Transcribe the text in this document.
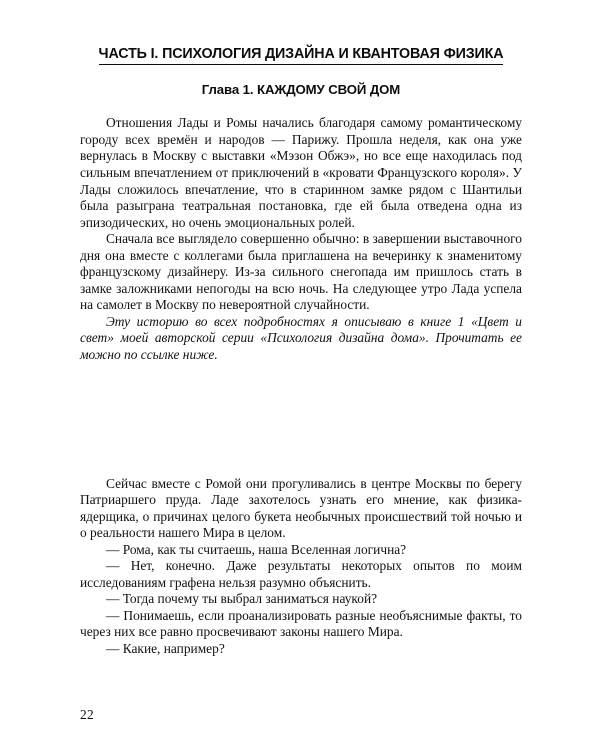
ЧАСТЬ I. ПСИХОЛОГИЯ ДИЗАЙНА И КВАНТОВАЯ ФИЗИКА
Глава 1. КАЖДОМУ СВОЙ ДОМ

Отношения Лады и Ромы начались благодаря самому романтическому городу всех времён и народов — Парижу. Прошла неделя, как она уже вернулась в Москву с выставки «Мэзон Обжэ», но все еще находилась под сильным впечатлением от приключений в «кровати Французского короля». У Лады сложилось впечатление, что в старинном замке рядом с Шантильи была разыграна театральная постановка, где ей была отведена одна из эпизодических, но очень эмоциональных ролей.

Сначала все выглядело совершенно обычно: в завершении выставочного дня она вместе с коллегами была приглашена на вечеринку к знаменитому французскому дизайнеру. Из-за сильного снегопада им пришлось стать в замке заложниками непогоды на всю ночь. На следующее утро Лада успела на самолет в Москву по невероятной случайности.

Эту историю во всех подробностях я описываю в книге 1 «Цвет и свет» моей авторской серии «Психология дизайна дома». Прочитать ее можно по ссылке ниже.

Сейчас вместе с Ромой они прогуливались в центре Москвы по берегу Патриаршего пруда. Ладе захотелось узнать его мнение, как физика-ядерщика, о причинах целого букета необычных происшествий той ночью и о реальности нашего Мира в целом.

— Рома, как ты считаешь, наша Вселенная логична?

— Нет, конечно. Даже результаты некоторых опытов по моим исследованиям графена нельзя разумно объяснить.

— Тогда почему ты выбрал заниматься наукой?

— Понимаешь, если проанализировать разные необъяснимые факты, то через них все равно просвечивают законы нашего Мира.

— Какие, например?

22
